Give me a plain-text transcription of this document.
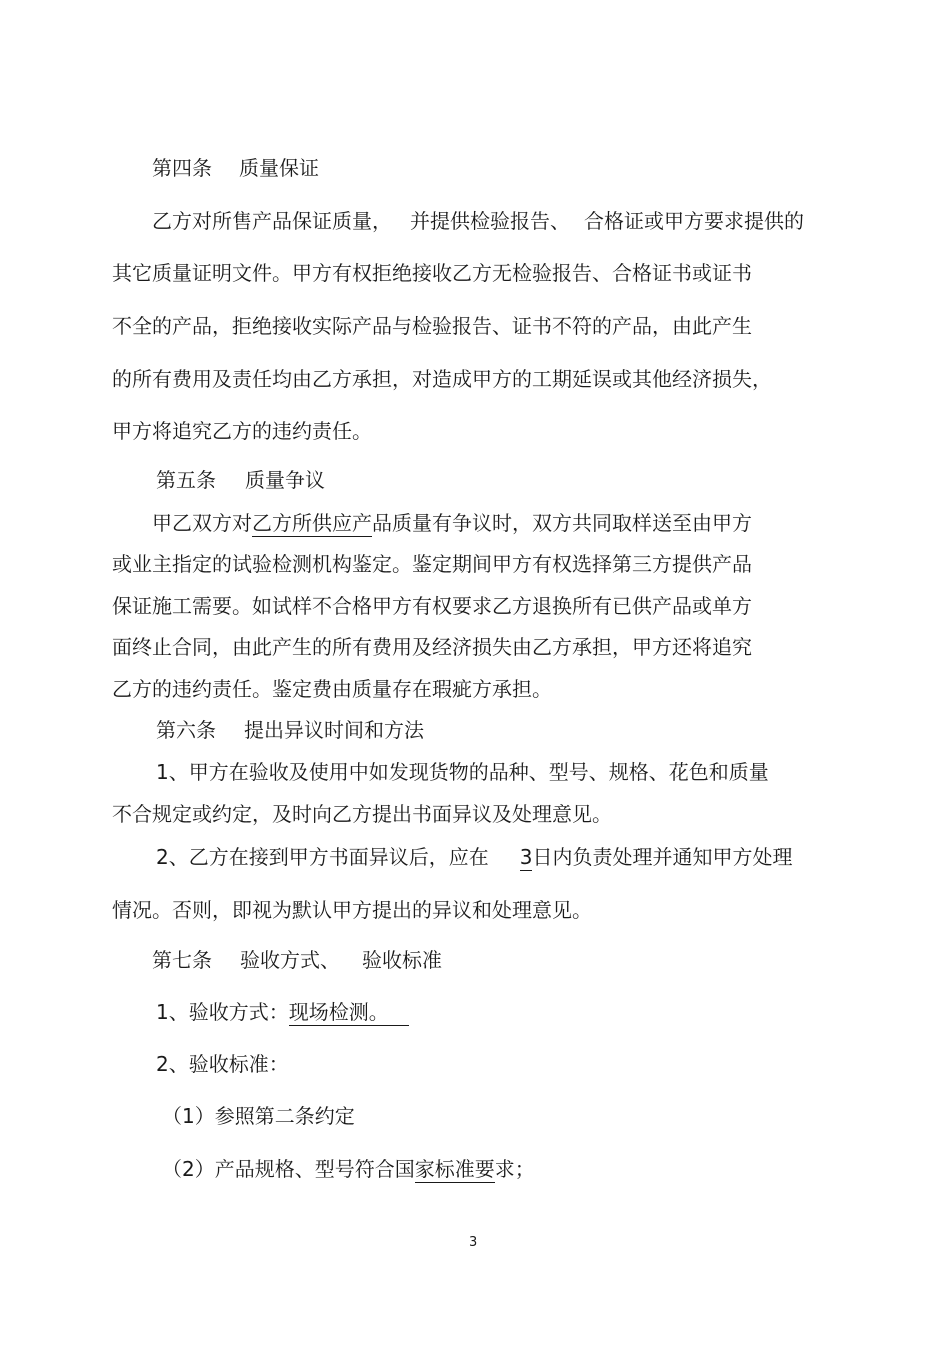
第四条 质量保证
乙方对所售产品保证质量， 并提供检验报告、 合格证或甲方要求提供的
其它质量证明文件。甲方有权拒绝接收乙方无检验报告、合格证书或证书
不全的产品，拒绝接收实际产品与检验报告、证书不符的产品，由此产生
的所有费用及责任均由乙方承担，对造成甲方的工期延误或其他经济损失，
甲方将追究乙方的违约责任。
第五条 质量争议
甲乙双方对乙方所供应产品质量有争议时，双方共同取样送至由甲方
或业主指定的试验检测机构鉴定。鉴定期间甲方有权选择第三方提供产品
保证施工需要。如试样不合格甲方有权要求乙方退换所有已供产品或单方
面终止合同，由此产生的所有费用及经济损失由乙方承担，甲方还将追究
乙方的违约责任。鉴定费由质量存在瑕疵方承担。
第六条 提出异议时间和方法
1、甲方在验收及使用中如发现货物的品种、型号、规格、花色和质量
不合规定或约定，及时向乙方提出书面异议及处理意见。
2、乙方在接到甲方书面异议后，应在 3日内负责处理并通知甲方处理
情况。否则，即视为默认甲方提出的异议和处理意见。
第七条 验收方式、 验收标准
1、验收方式：现场检测。
2、验收标准：
（1）参照第二条约定
（2）产品规格、型号符合国家标准要求；
3
